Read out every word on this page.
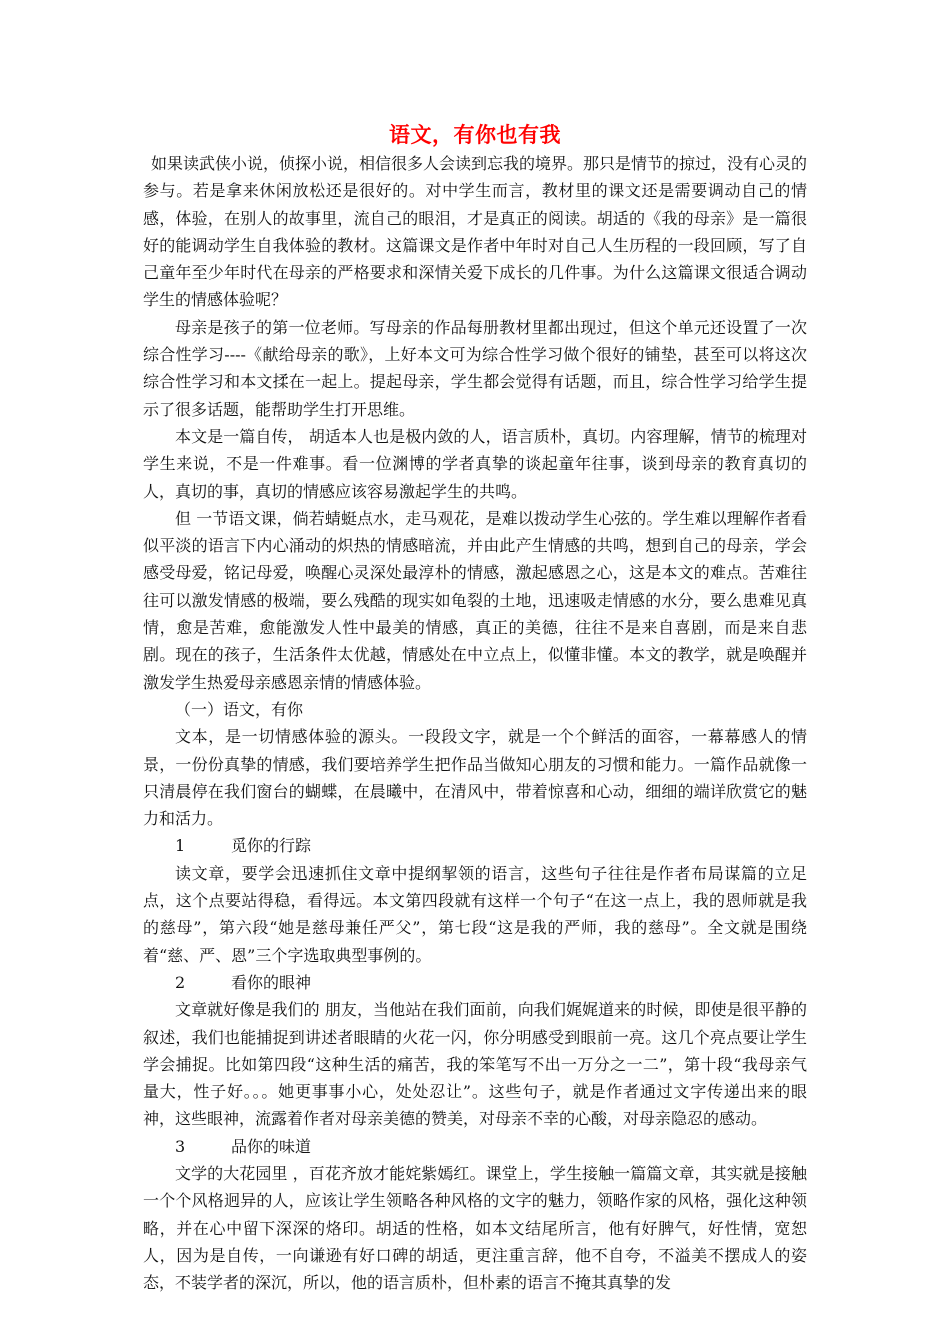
语文，有你也有我

如果读武侠小说，侦探小说，相信很多人会读到忘我的境界。那只是情节的掠过，没有心灵的参与。若是拿来休闲放松还是很好的。对中学生而言，教材里的课文还是需要调动自己的情感，体验，在别人的故事里，流自己的眼泪，才是真正的阅读。胡适的《我的母亲》是一篇很好的能调动学生自我体验的教材。这篇课文是作者中年时对自己人生历程的一段回顾，写了自己童年至少年时代在母亲的严格要求和深情关爱下成长的几件事。为什么这篇课文很适合调动学生的情感体验呢？

母亲是孩子的第一位老师。写母亲的作品每册教材里都出现过，但这个单元还设置了一次综合性学习----《献给母亲的歌》，上好本文可为综合性学习做个很好的铺垫，甚至可以将这次综合性学习和本文揉在一起上。提起母亲，学生都会觉得有话题，而且，综合性学习给学生提示了很多话题，能帮助学生打开思维。

本文是一篇自传， 胡适本人也是极内敛的人，语言质朴，真切。内容理解，情节的梳理对学生来说，不是一件难事。看一位渊博的学者真挚的谈起童年往事，谈到母亲的教育真切的人，真切的事，真切的情感应该容易激起学生的共鸣。

但 一节语文课，倘若蜻蜓点水，走马观花，是难以拨动学生心弦的。学生难以理解作者看似平淡的语言下内心涌动的炽热的情感暗流，并由此产生情感的共鸣，想到自己的母亲，学会感受母爱，铭记母爱，唤醒心灵深处最淳朴的情感，激起感恩之心，这是本文的难点。苦难往往可以激发情感的极端，要么残酷的现实如龟裂的土地，迅速吸走情感的水分，要么患难见真情，愈是苦难，愈能激发人性中最美的情感，真正的美德，往往不是来自喜剧，而是来自悲剧。现在的孩子，生活条件太优越，情感处在中立点上，似懂非懂。本文的教学，就是唤醒并激发学生热爱母亲感恩亲情的情感体验。

（一）语文，有你

文本，是一切情感体验的源头。一段段文字，就是一个个鲜活的面容，一幕幕感人的情景，一份份真挚的情感，我们要培养学生把作品当做知心朋友的习惯和能力。一篇作品就像一只清晨停在我们窗台的蝴蝶，在晨曦中，在清风中，带着惊喜和心动，细细的端详欣赏它的魅力和活力。

1	觅你的行踪

读文章，要学会迅速抓住文章中提纲挈领的语言，这些句子往往是作者布局谋篇的立足点，这个点要站得稳，看得远。本文第四段就有这样一个句子“在这一点上，我的恩师就是我的慈母”，第六段“她是慈母兼任严父”，第七段“这是我的严师，我的慈母”。全文就是围绕着“慈、严、恩”三个字选取典型事例的。

2	看你的眼神

文章就好像是我们的 朋友，当他站在我们面前，向我们娓娓道来的时候，即使是很平静的叙述，我们也能捕捉到讲述者眼睛的火花一闪，你分明感受到眼前一亮。这几个亮点要让学生学会捕捉。比如第四段“这种生活的痛苦，我的笨笔写不出一万分之一二”，第十段“我母亲气量大，性子好。。。她更事事小心，处处忍让”。这些句子，就是作者通过文字传递出来的眼神，这些眼神，流露着作者对母亲美德的赞美，对母亲不幸的心酸，对母亲隐忍的感动。

3	品你的味道

文学的大花园里 ，百花齐放才能姹紫嫣红。课堂上，学生接触一篇篇文章，其实就是接触一个个风格迥异的人，应该让学生领略各种风格的文字的魅力，领略作家的风格，强化这种领略，并在心中留下深深的烙印。胡适的性格，如本文结尾所言，他有好脾气，好性情，宽恕人，因为是自传，一向谦逊有好口碑的胡适，更注重言辞，他不自夸，不溢美不摆成人的姿态，不装学者的深沉，所以，他的语言质朴，但朴素的语言不掩其真挚的发
